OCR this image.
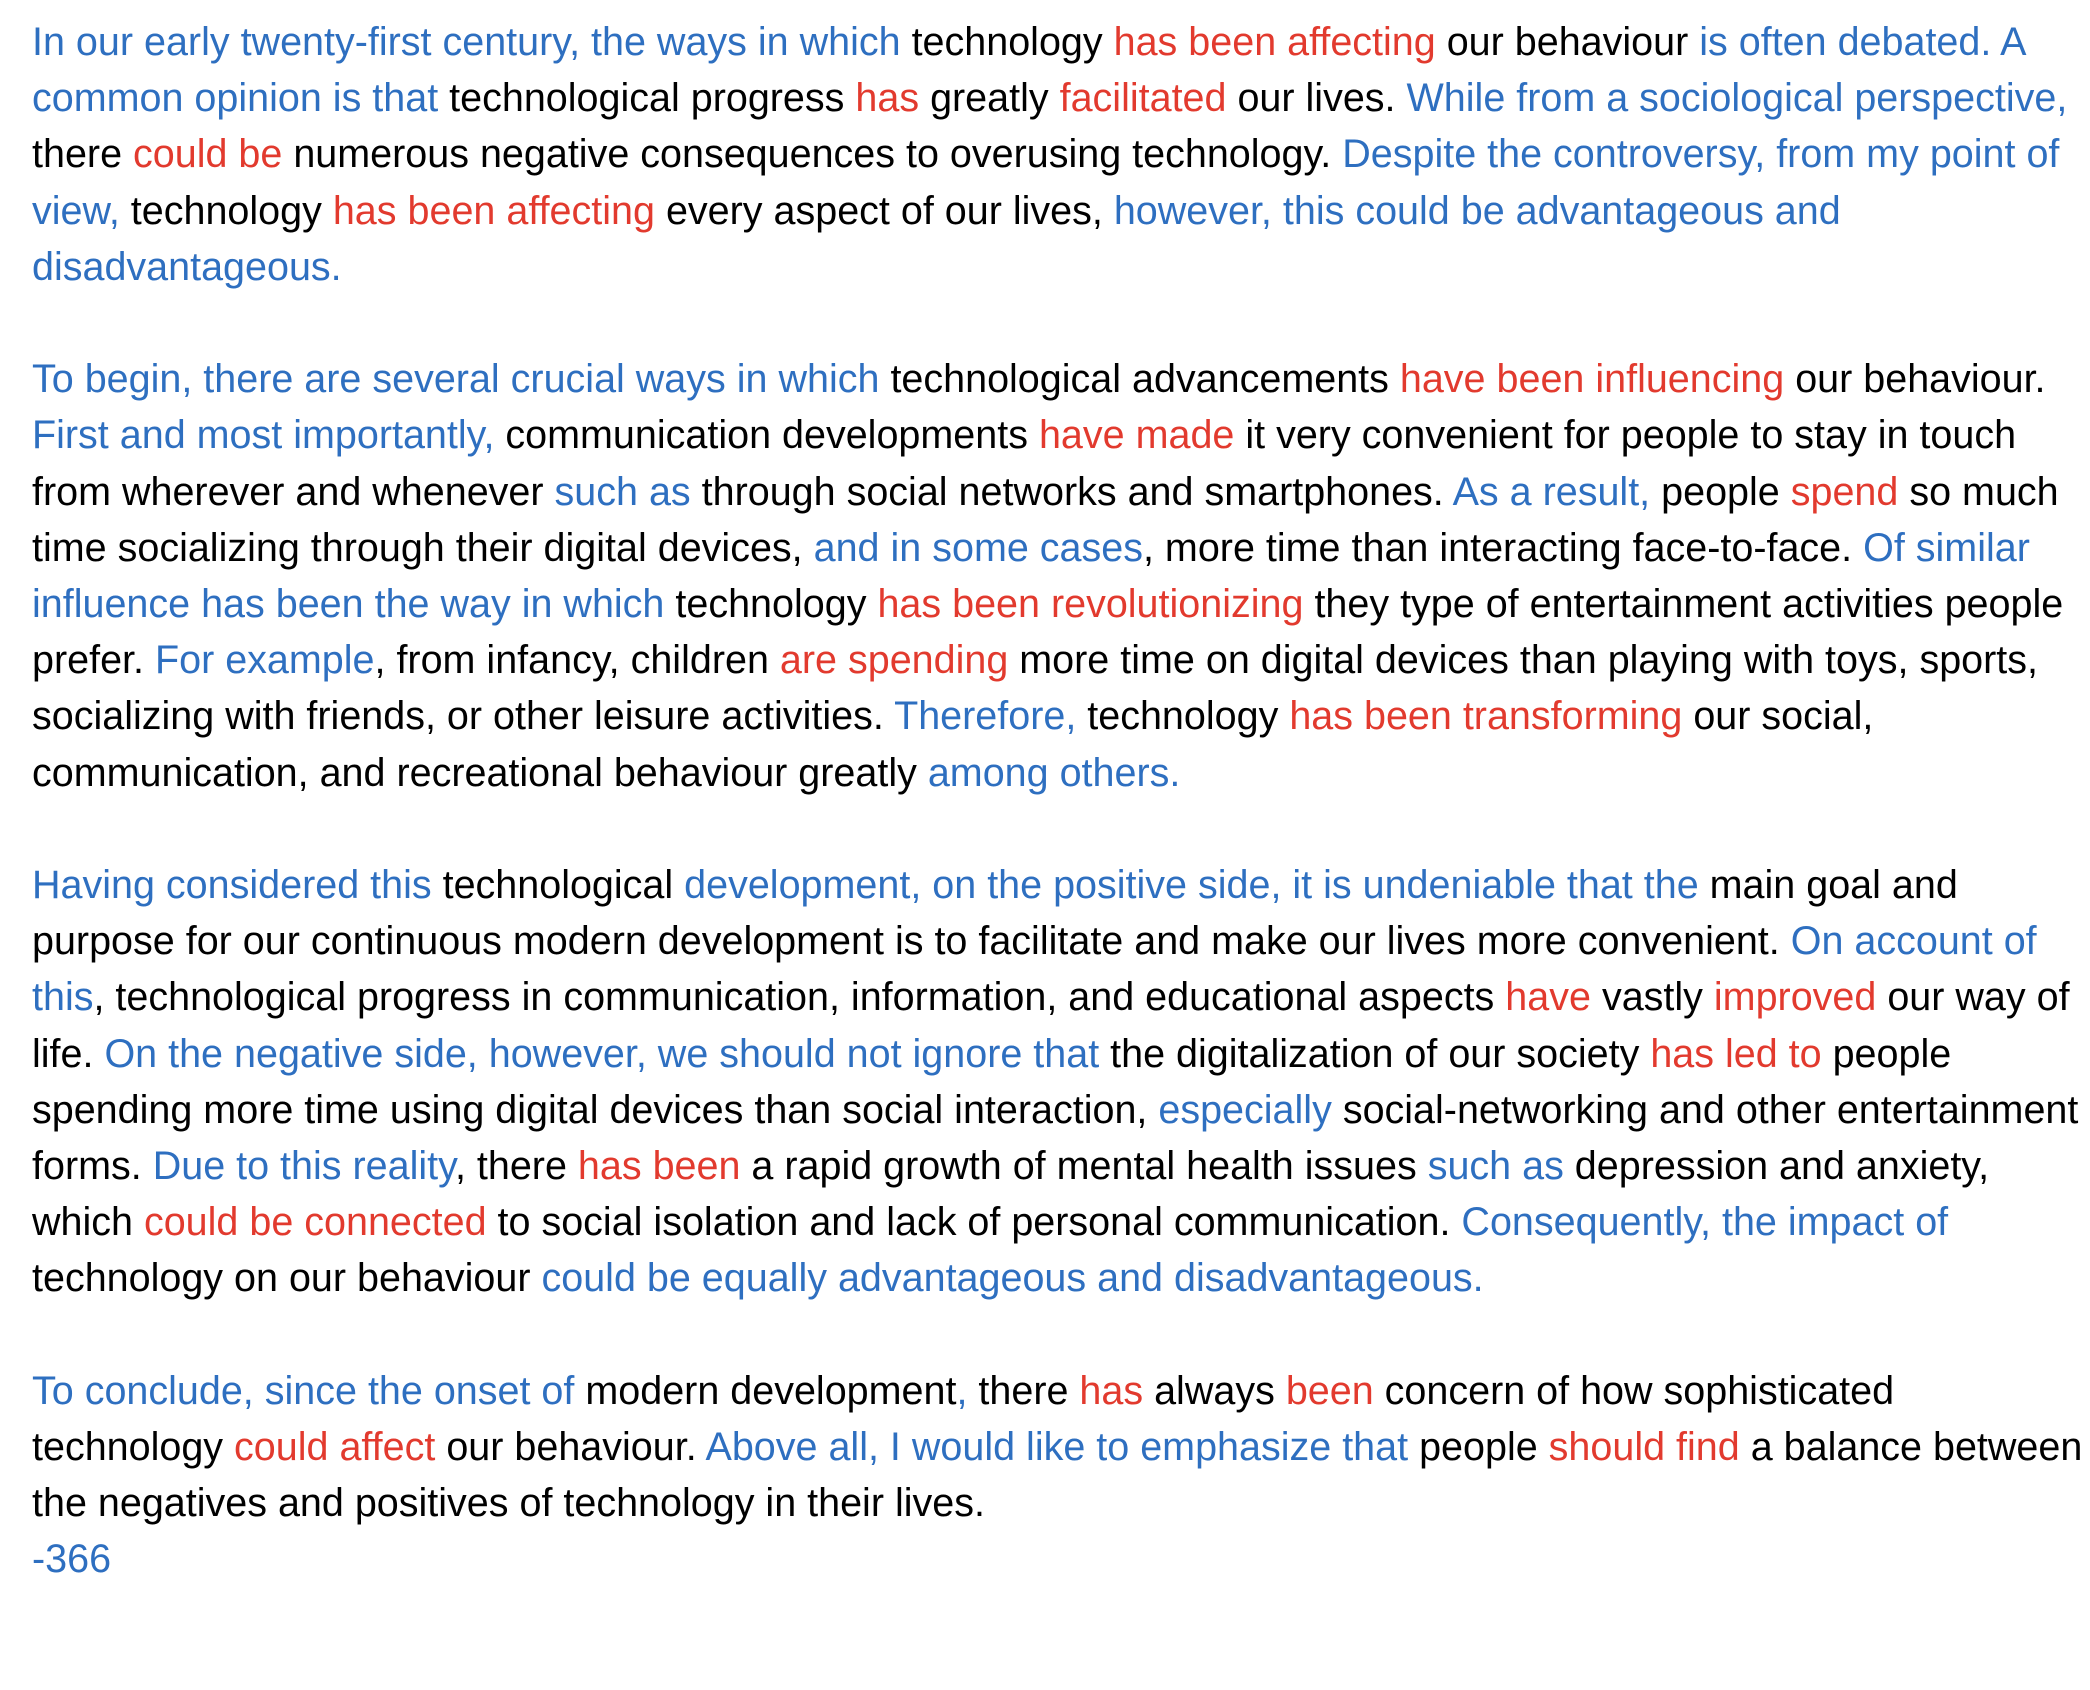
In our early twenty-first century, the ways in which technology has been affecting our behaviour is often debated. A common opinion is that technological progress has greatly facilitated our lives. While from a sociological perspective, there could be numerous negative consequences to overusing technology. Despite the controversy, from my point of view, technology has been affecting every aspect of our lives, however, this could be advantageous and disadvantageous.
To begin, there are several crucial ways in which technological advancements have been influencing our behaviour. First and most importantly, communication developments have made it very convenient for people to stay in touch from wherever and whenever such as through social networks and smartphones. As a result, people spend so much time socializing through their digital devices, and in some cases, more time than interacting face-to-face. Of similar influence has been the way in which technology has been revolutionizing they type of entertainment activities people prefer. For example, from infancy, children are spending more time on digital devices than playing with toys, sports, socializing with friends, or other leisure activities. Therefore, technology has been transforming our social, communication, and recreational behaviour greatly among others.
Having considered this technological development, on the positive side, it is undeniable that the main goal and purpose for our continuous modern development is to facilitate and make our lives more convenient. On account of this, technological progress in communication, information, and educational aspects have vastly improved our way of life. On the negative side, however, we should not ignore that the digitalization of our society has led to people spending more time using digital devices than social interaction, especially social-networking and other entertainment forms. Due to this reality, there has been a rapid growth of mental health issues such as depression and anxiety, which could be connected to social isolation and lack of personal communication. Consequently, the impact of technology on our behaviour could be equally advantageous and disadvantageous.
To conclude, since the onset of modern development, there has always been concern of how sophisticated technology could affect our behaviour. Above all, I would like to emphasize that people should find a balance between the negatives and positives of technology in their lives.
-366
